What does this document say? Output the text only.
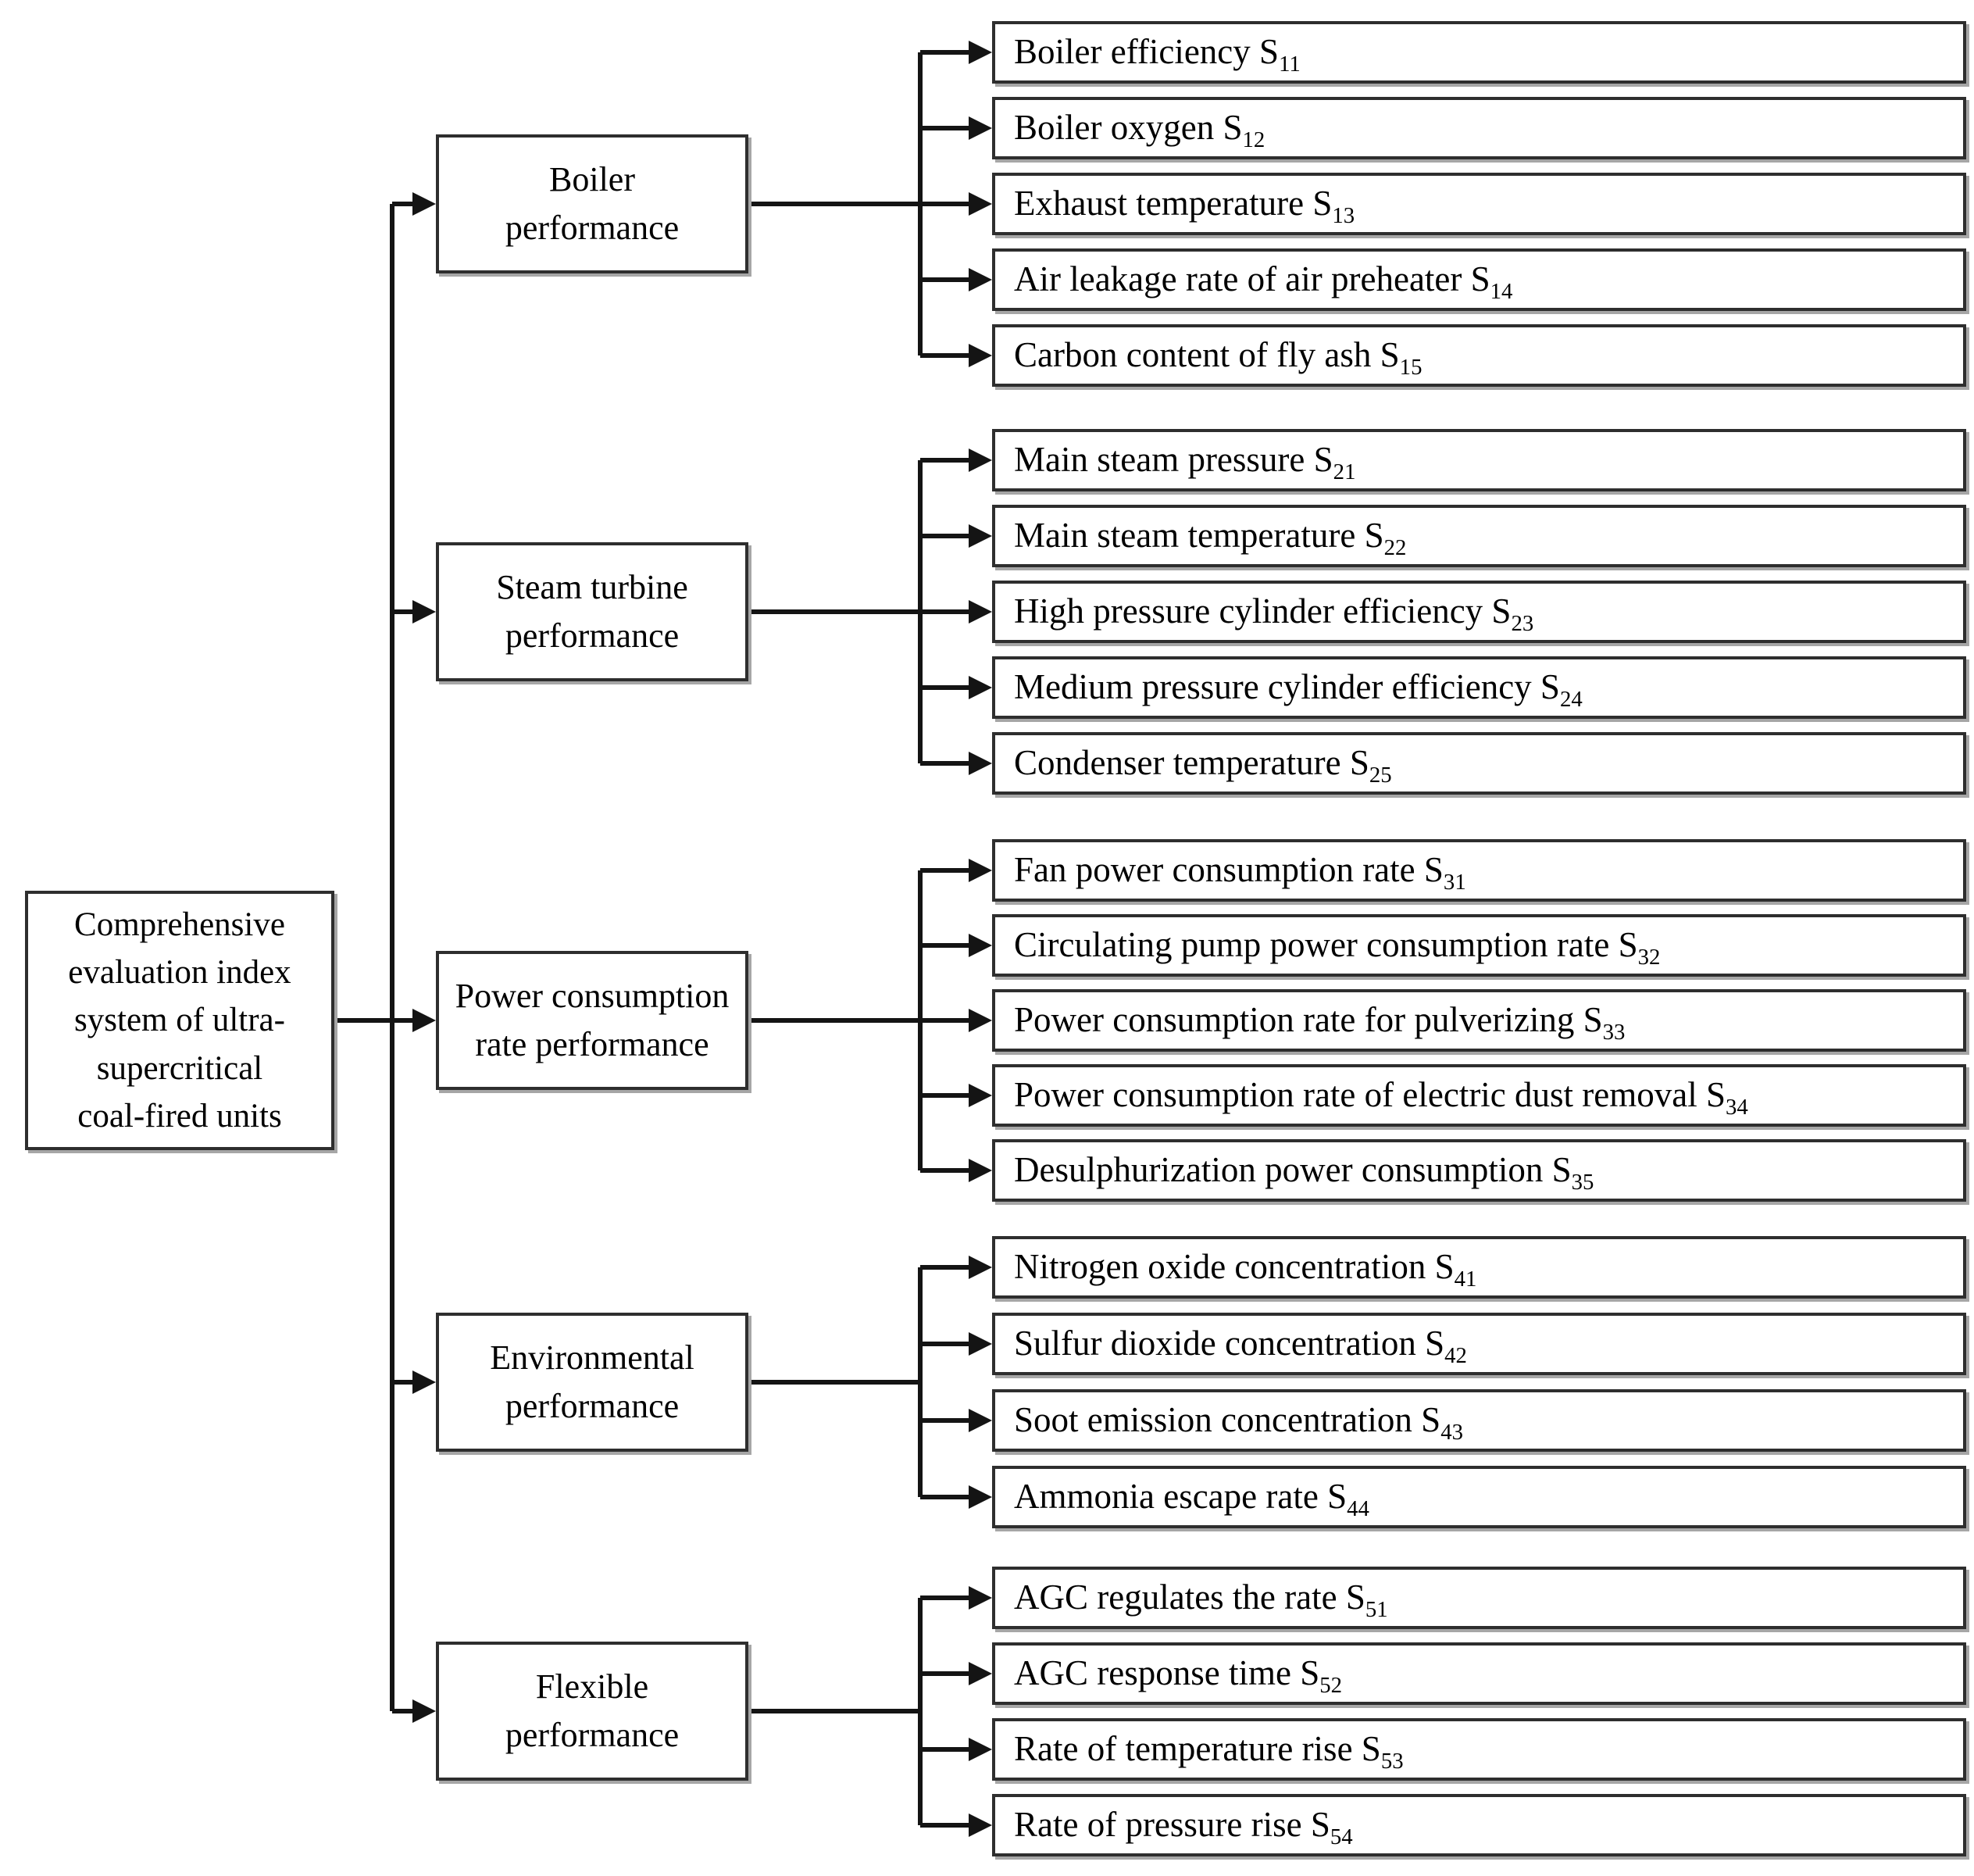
Comprehensive
evaluation index
system of ultra-
supercritical
coal-fired units
Boiler
performance
Steam turbine
performance
Power consumption
rate performance
Environmental
performance
Flexible
performance
Boiler efficiency $S_{11}$
Boiler oxygen $S_{12}$
Exhaust temperature $S_{13}$
Air leakage rate of air preheater $S_{14}$
Carbon content of fly ash $S_{15}$
Main steam pressure $S_{21}$
Main steam temperature $S_{22}$
High pressure cylinder efficiency $S_{23}$
Medium pressure cylinder efficiency $S_{24}$
Condenser temperature $S_{25}$
Fan power consumption rate $S_{31}$
Circulating pump power consumption rate $S_{32}$
Power consumption rate for pulverizing $S_{33}$
Power consumption rate of electric dust removal $S_{34}$
Desulphurization power consumption $S_{35}$
Nitrogen oxide concentration $S_{41}$
Sulfur dioxide concentration $S_{42}$
Soot emission concentration $S_{43}$
Ammonia escape rate $S_{44}$
AGC regulates the rate $S_{51}$
AGC response time $S_{52}$
Rate of temperature rise $S_{53}$
Rate of pressure rise $S_{54}$
